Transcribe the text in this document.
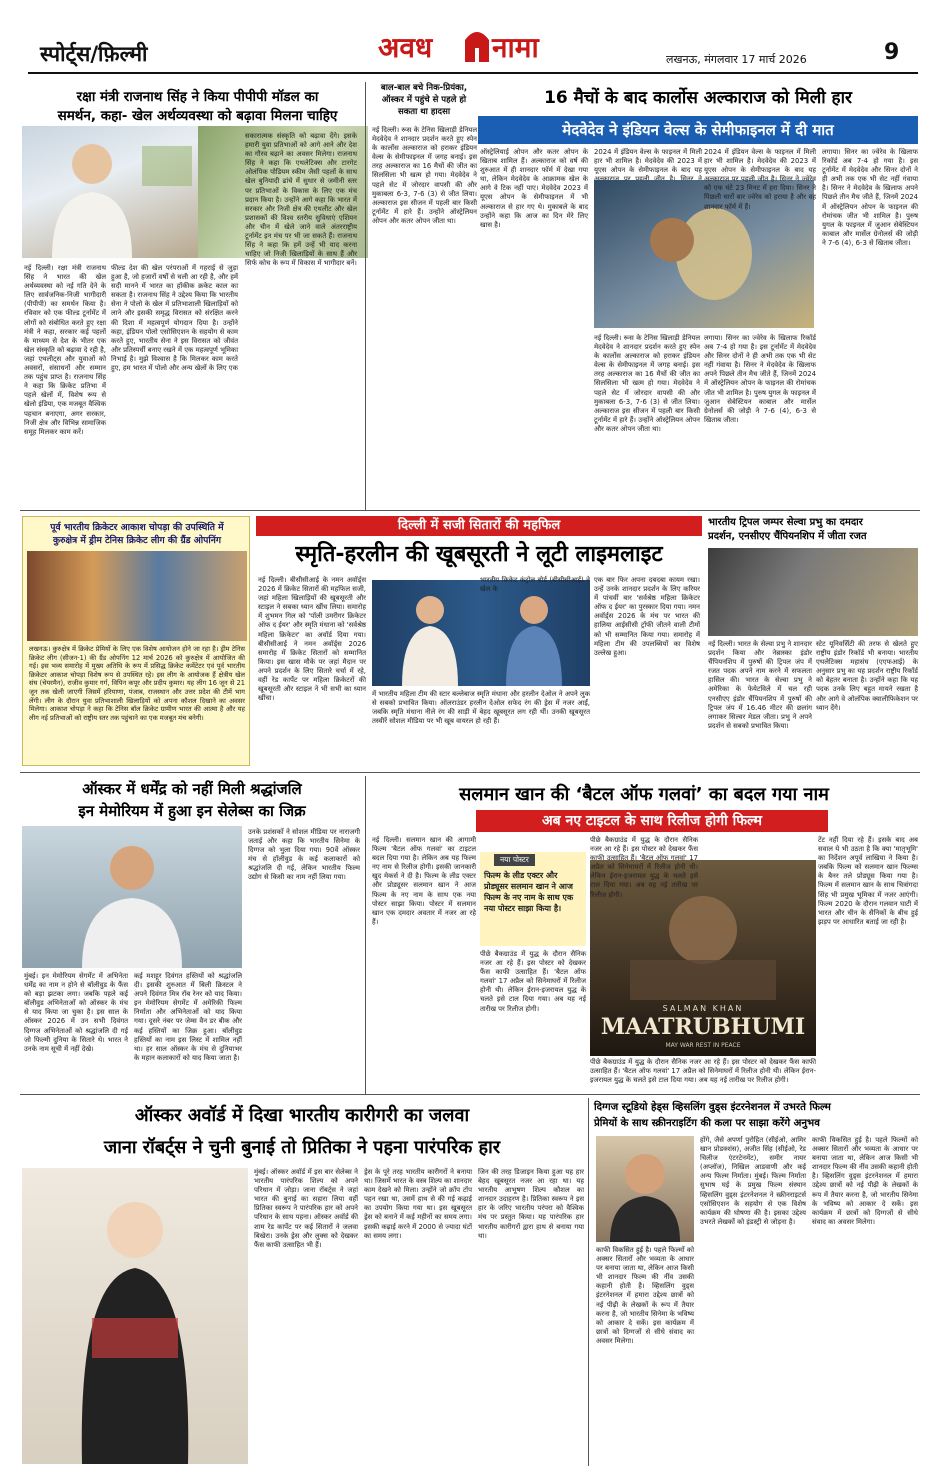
स्पोर्ट्स/फ़िल्मी	अवध नामा	लखनऊ, मंगलवार 17 मार्च 2026	9
रक्षा मंत्री राजनाथ सिंह ने किया पीपीपी मॉडल का
समर्थन, कहा- खेल अर्थव्यवस्था को बढ़ावा मिलना चाहिए
नई दिल्ली। रक्षा मंत्री राजनाथ सिंह ने भारत की खेल अर्थव्यवस्था को नई गति देने के लिए सार्वजनिक-निजी भागीदारी (पीपीपी) का समर्थन किया है। रविवार को एक फील्ड टूर्नामेंट में लोगों को संबोधित करते हुए रक्षा मंत्री ने कहा, सरकार कई पहलों के माध्यम से देश के भीतर एक खेल संस्कृति को बढ़ावा दे रही है, जहां एथलीट्स और युवाओं को अवसरों, संसाधनों और सम्मान तक पहुंच प्राप्त है। राजनाथ सिंह ने कहा कि क्रिकेट प्रतिभा में पहले खेलों में, विशेष रूप से खेलो इंडिया, एक मजबूत वैश्विक पहचान बनाएगा, अगर सरकार, निजी क्षेत्र और विभिन्न सामाजिक समूह मिलकर काम करें।
फील्ड देश की खेल परंपराओं में गहराई से जुड़ा हुआ है, जो हजारों वर्षों से चली आ रही है, और हमें सदी मानने में भारत का हॉकीक क्रकेट काल का सकता है। राजनाथ सिंह ने उद्देश्य किया कि भारतीय सेना ने पोलो के खेल में प्रतिभाशाली खिलाड़ियों को लाने और इसकी समृद्ध विरासत को संरक्षित करने की दिशा में महत्वपूर्ण योगदान दिया है। उन्होंने कहा, इंडियन पोलो एसोसिएशन के सहयोग से काम करते हुए, भारतीय सेना ने इस विरासत को जीवंत और प्रतिस्पर्धी बनाए रखने में एक महत्वपूर्ण भूमिका निभाई है। मुझे विश्वास है कि मिलकर काम करते हुए, हम भारत में पोलो और अन्य खेलों के लिए एक
सकारात्मक संस्कृति को बढ़ावा देंगे। इसके हमारी युवा प्रतिभाओं को आगे आने और देश का गौरव बढ़ाने का अवसर मिलेगा। राजनाथ सिंह ने कहा कि एथलेटिक्स और टारगेट ओलंपिक पोडियम स्कीम जैसी पहलों के साथ खेल बुनियादी ढांचे में सुधार से जमीनी स्तर पर प्रतिभाओं के विकास के लिए एक मंच प्रदान किया है। उन्होंने आगे कहा कि भारत में सरकार और निजी क्षेत्र की एथलीट और खेल प्रशासकों की विश्व स्तरीय सुविधाएं एशियन और चीन में खेले जाने वाले अंतरराष्ट्रीय टूर्नामेंट इन मंच पर भी जा सकते हैं। राजनाथ सिंह ने कहा कि हमें उन्हें भी याद करना चाहिए जो निजी खिलाड़ियों के साथ हैं और सिर्फ कोच के रूप में विकास में भागीदार बनें।
बाल-बाल बचे निक-प्रियंका,
ऑस्कर में पहुंचे से पहले हो
सकता था हादसा
नई दिल्ली। रूस के टेनिस खिलाड़ी डेनियल मेदवेदेव ने शानदार प्रदर्शन करते हुए स्पेन के कार्लोस अल्काराज को हराकर इंडियन वेल्स के सेमीफाइनल में जगह बनाई। इस तरह अल्काराज का 16 मैचों की जीत का सिलसिला भी खत्म हो गया। मेदवेदेव ने पहले सेट में जोरदार वापसी की और मुकाबला 6-3, 7-6 (3) से जीत लिया। अल्काराज इस सीजन में पहली बार किसी टूर्नामेंट में हारे हैं। उन्होंने ऑस्ट्रेलियन ओपन और कतर ओपन जीता था।
16 मैचों के बाद कार्लोस अल्काराज को मिली हार
मेदवेदेव ने इंडियन वेल्स के सेमीफाइनल में दी मात
ऑस्ट्रेलियाई ओपन और कतर ओपन के खिताब शामिल हैं। अल्काराज को वर्ष की शुरुआत में ही शानदार फॉर्म में देखा गया था, लेकिन मेदवेदेव के आक्रामक खेल के आगे वे टिक नहीं पाए। मेदवेदेव 2023 में यूएस ओपन के सेमीफाइनल में भी अल्काराज से हार गए थे। मुकाबले के बाद उन्होंने कहा कि आज का दिन मेरे लिए खास है।
2024 में इंडियन वेल्स के फाइनल में मिली हार भी शामिल है। मेदवेदेव की 2023 में यूएस ओपन के सेमीफाइनल के बाद यह
2024 में इंडियन वेल्स के फाइनल में मिली हार भी शामिल है। मेदवेदेव की 2023 में यूएस ओपन के सेमीफाइनल के बाद यह अल्काराज पर पहली जीत है। सिनर ने ज्वेरेव को एक घंटे 23 मिनट में हरा दिया। सिनर ने पिछली चारों बार ज्वेरेव को हराया है और वह शानदार फॉर्म में हैं।
लगाया। सिनर का ज्वेरेव के खिलाफ रिकॉर्ड अब 7-4 हो गया है। इस टूर्नामेंट में मेदवेदेव और सिनर दोनों ने ही अभी तक एक भी सेट नहीं गंवाया है। सिनर ने मेदवेदेव के खिलाफ अपने पिछले तीन मैच जीते हैं, जिनमें 2024 में ऑस्ट्रेलियन ओपन के फाइनल की रोमांचक जीत भी शामिल है। पुरुष युगल के फाइनल में जुआन सेबेस्टियन काबाल और मार्सेल ग्रेनोलर्स की जोड़ी ने 7-6 (4), 6-3 से खिताब जीता।
नई दिल्ली। रूस के टेनिस खिलाड़ी डेनियल मेदवेदेव ने शानदार प्रदर्शन करते हुए स्पेन के कार्लोस अल्काराज को हराकर इंडियन वेल्स के सेमीफाइनल में जगह बनाई। इस तरह अल्काराज का 16 मैचों की जीत का सिलसिला भी खत्म हो गया। मेदवेदेव ने पहले सेट में जोरदार वापसी की और मुकाबला 6-3, 7-6 (3) से जीत लिया। अल्काराज इस सीजन में पहली बार किसी टूर्नामेंट में हारे हैं। उन्होंने ऑस्ट्रेलियन ओपन और कतर ओपन जीता था।
लगाया। सिनर का ज्वेरेव के खिलाफ रिकॉर्ड अब 7-4 हो गया है। इस टूर्नामेंट में मेदवेदेव और सिनर दोनों ने ही अभी तक एक भी सेट नहीं गंवाया है। सिनर ने मेदवेदेव के खिलाफ अपने पिछले तीन मैच जीते हैं, जिनमें 2024 में ऑस्ट्रेलियन ओपन के फाइनल की रोमांचक जीत भी शामिल है। पुरुष युगल के फाइनल में जुआन सेबेस्टियन काबाल और मार्सेल ग्रेनोलर्स की जोड़ी ने 7-6 (4), 6-3 से खिताब जीता।
पूर्व भारतीय क्रिकेटर आकाश चोपड़ा की उपस्थिति में
कुरुक्षेत्र में ड्रीम टेनिस क्रिकेट लीग की ग्रैंड ओपनिंग
लखनऊ। कुरुक्षेत्र में क्रिकेट प्रेमियों के लिए एक विशेष आयोजन होने जा रहा है। ड्रीम टेनिस क्रिकेट लीग (सीजन-1) की ग्रैंड ओपनिंग 12 मार्च 2026 को कुरुक्षेत्र में आयोजित की गई। इस भव्य समारोह में मुख्य अतिथि के रूप में प्रसिद्ध क्रिकेट कमेंटेटर एवं पूर्व भारतीय क्रिकेटर आकाश चोपड़ा विशेष रूप से उपस्थित रहे। इस लीग के आयोजक हैं क्षेत्रीय खेल संघ (चेयरमैन), राजीव कुमार गर्ग, विपिन कपूर और प्रदीप कुमार। यह लीग 16 जून से 21 जून तक खेली जाएगी जिसमें हरियाणा, पंजाब, राजस्थान और उत्तर प्रदेश की टीमें भाग लेंगी। लीग के दौरान युवा प्रतिभाशाली खिलाड़ियों को अपना कौशल दिखाने का अवसर मिलेगा। आकाश चोपड़ा ने कहा कि टेनिस बॉल क्रिकेट ग्रामीण भारत की आत्मा है और यह लीग नई प्रतिभाओं को राष्ट्रीय स्तर तक पहुंचाने का एक मजबूत मंच बनेगी।
दिल्ली में सजी सितारों की महफिल
स्मृति-हरलीन की खूबसूरती ने लूटी लाइमलाइट
नई दिल्ली। बीसीसीआई के नमन अवॉर्ड्स 2026 में क्रिकेट सितारों की महफिल सजी, जहां महिला खिलाड़ियों की खूबसूरती और स्टाइल ने सबका ध्यान खींच लिया। समारोह में शुभमन गिल को 'पॉली उमरीगर क्रिकेटर ऑफ द ईयर' और स्मृति मंधाना को 'सर्वश्रेष्ठ महिला क्रिकेटर' का अवॉर्ड दिया गया। बीसीसीआई ने नमन अवॉर्ड्स 2026 समारोह में क्रिकेट सितारों को सम्मानित किया। इस खास मौके पर जहां मैदान पर अपने प्रदर्शन के लिए सितारे चर्चा में रहे, वहीं रेड कार्पेट पर महिला क्रिकेटरों की खूबसूरती और स्टाइल ने भी सभी का ध्यान खींचा।
में भारतीय महिला टीम की स्टार बल्लेबाज स्मृति मंधाना और हरलीन देओल ने अपने लुक से सबको प्रभावित किया। ऑलराउंडर हरलीन देओल सफेद रंग की ड्रेस में नजर आईं, जबकि स्मृति मंधाना नीले रंग की साड़ी में बेहद खूबसूरत लग रही थीं। उनकी खूबसूरत तस्वीरें सोशल मीडिया पर भी खूब वायरल हो रही हैं।
भारतीय क्रिकेट कंट्रोल बोर्ड (बीसीसीआई) ने खेल के
एक बार फिर अपना दबदबा कायम रखा। उन्हें उनके शानदार प्रदर्शन के लिए करियर में पांचवीं बार 'सर्वश्रेष्ठ महिला क्रिकेटर ऑफ द ईयर' का पुरस्कार दिया गया। नमन अवॉर्ड्स 2026 के मंच पर भारत की हालिया आईसीसी ट्रॉफी जीतने वाली टीमों को भी सम्मानित किया गया। समारोह में महिला टीम की उपलब्धियों का विशेष उल्लेख हुआ।
भारतीय ट्रिपल जम्पर सेल्वा प्रभु का दमदार
प्रदर्शन, एनसीएए चैंपियनशिप में जीता रजत
नई दिल्ली। भारत के सेल्वा प्रभु ने शानदार प्रदर्शन किया और नेब्रास्का इंडोर चैंपियनशिप में पुरुषों की ट्रिपल जंप में रजत पदक अपने नाम करने में सफलता हासिल की। भारत के सेल्वा प्रभु ने अमेरिका के फेयेटविले में चल रही एनसीएए इंडोर चैंपियनशिप में पुरुषों की ट्रिपल जंप में 16.46 मीटर की छलांग लगाकर सिल्वर मेडल जीता। प्रभु ने अपने प्रदर्शन से सबको प्रभावित किया।
स्टेट यूनिवर्सिटी की तरफ से खेलते हुए राष्ट्रीय इंडोर रिकॉर्ड भी बनाया। भारतीय एथलेटिक्स महासंघ (एएफआई) के अनुसार प्रभु का यह प्रदर्शन राष्ट्रीय रिकॉर्ड को बेहतर बनाता है। उन्होंने कहा कि यह पदक उनके लिए बहुत मायने रखता है और आगे वे ओलंपिक क्वालीफिकेशन पर ध्यान देंगे।
ऑस्कर में धर्मेंद्र को नहीं मिली श्रद्धांजलि
इन मेमोरियम में हुआ इन सेलेब्स का जिक्र
मुंबई। इन मेमोरियम सेगमेंट में अभिनेता धर्मेंद्र का नाम न होने से बॉलीवुड के फैंस को बड़ा झटका लगा। जबकि पहले कई बॉलीवुड अभिनेताओं को ऑस्कर के मंच से याद किया जा चुका है। इस साल के ऑस्कर 2026 में उन सभी दिवंगत दिग्गज अभिनेताओं को श्रद्धांजलि दी गई जो फिल्मी दुनिया के सितारे थे। भारत ने उनके नाम सूची में नहीं देखे।
कई मशहूर दिवंगत हस्तियों को श्रद्धांजलि दी। इसकी शुरुआत में बिली क्रिस्टल ने अपने दिवंगत मित्र रॉब रेनर को याद किया। इन मेमोरियम सेगमेंट में अमेरिकी फिल्म निर्माता और अभिनेताओं को याद किया गया। दूसरे नंबर पर जेम्स वैन डर बीक और कई हस्तियों का जिक्र हुआ। बॉलीवुड हस्तियों का नाम इस लिस्ट में शामिल नहीं था। हर साल ऑस्कर के मंच से दुनियाभर के महान कलाकारों को याद किया जाता है।
उनके प्रशंसकों ने सोशल मीडिया पर नाराजगी जताई और कहा कि भारतीय सिनेमा के दिग्गज को भुला दिया गया। 90वें ऑस्कर मंच से हॉलीवुड के कई कलाकारों को श्रद्धांजलि दी गई, लेकिन भारतीय फिल्म उद्योग से किसी का नाम नहीं लिया गया।
सलमान खान की ‘बैटल ऑफ गलवां’ का बदल गया नाम
अब नए टाइटल के साथ रिलीज होगी फिल्म
नई दिल्ली। सलमान खान की आगामी फिल्म 'बैटल ऑफ गलवां' का टाइटल बदल दिया गया है। लेकिन अब यह फिल्म नए नाम से रिलीज होगी। इसकी जानकारी खुद मेकर्स ने दी है। फिल्म के लीड एक्टर और प्रोड्यूसर सलमान खान ने आज फिल्म के नए नाम के साथ एक नया पोस्टर साझा किया। पोस्टर में सलमान खान एक दमदार अवतार में नजर आ रहे हैं।
नया पोस्टर
फिल्म के लीड एक्टर और प्रोड्यूसर सलमान खान ने आज फिल्म के नए नाम के साथ एक नया पोस्टर साझा किया है।
पीछे बैकग्राउंड में युद्ध के दौरान सैनिक नजर आ रहे हैं। इस पोस्टर को देखकर फैंस काफी उत्साहित हैं। 'बैटल ऑफ गलवां' 17 अप्रैल को सिनेमाघरों में रिलीज होनी थी। लेकिन ईरान-इजरायल युद्ध के चलते इसे टाल दिया गया। अब यह नई तारीख पर रिलीज होगी।	SALMAN KHAN
MAATRUBHUMI
MAY WAR REST IN PEACE
पीछे बैकग्राउंड में युद्ध के दौरान सैनिक नजर आ रहे हैं। इस पोस्टर को देखकर फैंस काफी उत्साहित हैं। 'बैटल ऑफ गलवां' 17 अप्रैल को सिनेमाघरों में रिलीज होनी थी। लेकिन ईरान-इजरायल युद्ध के चलते इसे टाल दिया गया। अब यह नई तारीख पर रिलीज होगी।
टेंट नहीं दिया रहे हैं। इसके बाद अब सवाल ये भी उठता है कि क्या 'मातृभूमि' का निर्देशन अपूर्व लाखिया ने किया है। जबकि फिल्म को सलमान खान फिल्म्स के बैनर तले प्रोड्यूस किया गया है। फिल्म में सलमान खान के साथ चित्रांगदा सिंह भी प्रमुख भूमिका में नजर आएंगी। फिल्म 2020 के दौरान गलवान घाटी में भारत और चीन के सैनिकों के बीच हुई झड़प पर आधारित बताई जा रही है।
पीछे बैकग्राउंड में युद्ध के दौरान सैनिक नजर आ रहे हैं। इस पोस्टर को देखकर फैंस काफी उत्साहित हैं। 'बैटल ऑफ गलवां' 17 अप्रैल को सिनेमाघरों में रिलीज होनी थी। लेकिन ईरान-इजरायल युद्ध के चलते इसे टाल दिया गया। अब यह नई तारीख पर रिलीज होगी।
ऑस्कर अवॉर्ड में दिखा भारतीय कारीगरी का जलवा
जाना रॉबर्ट्स ने चुनी बुनाई तो प्रितिका ने पहना पारंपरिक हार
मुंबई। ऑस्कर अवॉर्ड में इस बार सेलेब्स ने भारतीय पारंपरिक शिल्प को अपने परिधान में जोड़ा। जाना रॉबर्ट्स ने जहां भारत की बुनाई का सहारा लिया वहीं प्रितिका स्वरूप ने पारंपरिक हार को अपने परिधान के साथ पहना। ऑस्कर अवॉर्ड की शाम रेड कार्पेट पर कई सितारों ने जलवा बिखेरा। उनके ड्रेस और लुक्स को देखकर फैंस काफी उत्साहित भी हैं।
ड्रेस के पूरे तरह भारतीय कारीगरों ने बनाया था। जिसमें भारत के वस्त्र शिल्प का शानदार काम देखने को मिला। उन्होंने जो क्रॉप टॉप पहन रखा था, उसमें हाथ से की गई कढ़ाई का उपयोग किया गया था। इस खूबसूरत ड्रेस को बनाने में कई महीनों का समय लगा। इसकी कढ़ाई करने में 2000 से ज्यादा घंटों का समय लगा।
जिन की तरह डिजाइन किया हुआ यह हार बेहद खूबसूरत नजर आ रहा था। यह भारतीय आभूषण शिल्प कौशल का शानदार उदाहरण है। प्रितिका स्वरूप ने इस हार के जरिए भारतीय परंपरा को वैश्विक मंच पर प्रस्तुत किया। यह पारंपरिक हार भारतीय कारीगरों द्वारा हाथ से बनाया गया था।
दिग्गज स्टूडियो हेड्स व्हिसलिंग वुड्स इंटरनेशनल में उभरते फिल्म
प्रेमियों के साथ स्क्रीनराइटिंग की कला पर साझा करेंगे अनुभव
होंगे, जैसे अपर्णा पुरोहित (सीईओ, आमिर खान प्रोडक्शंस), अजीत सिंह (सीईओ, रेड चिलीज एंटरटेनमेंट), समीर नायर (अप्लॉज), निखिल आडवाणी और कई अन्य फिल्म निर्माता। मुंबई। फिल्म निर्माता सुभाष घई के प्रमुख फिल्म संस्थान व्हिसलिंग वुड्स इंटरनेशनल ने स्क्रीनराइटर्स एसोसिएशन के सहयोग से एक विशेष कार्यक्रम की घोषणा की है। इसका उद्देश्य उभरते लेखकों को इंडस्ट्री से जोड़ना है।
काफी विकसित हुई है। पहले फिल्मों को अक्सर सितारों और भव्यता के आधार पर बनाया जाता था, लेकिन आज किसी भी शानदार फिल्म की नींव उसकी कहानी होती है। व्हिसलिंग वुड्स इंटरनेशनल में हमारा उद्देश्य छात्रों को नई पीढ़ी के लेखकों के रूप में तैयार करना है, जो भारतीय सिनेमा के भविष्य को आकार दे सकें। इस कार्यक्रम में छात्रों को दिग्गजों से सीधे संवाद का अवसर मिलेगा।
काफी विकसित हुई है। पहले फिल्मों को अक्सर सितारों और भव्यता के आधार पर बनाया जाता था, लेकिन आज किसी भी शानदार फिल्म की नींव उसकी कहानी होती है। व्हिसलिंग वुड्स इंटरनेशनल में हमारा उद्देश्य छात्रों को नई पीढ़ी के लेखकों के रूप में तैयार करना है, जो भारतीय सिनेमा के भविष्य को आकार दे सकें। इस कार्यक्रम में छात्रों को दिग्गजों से सीधे संवाद का अवसर मिलेगा।
